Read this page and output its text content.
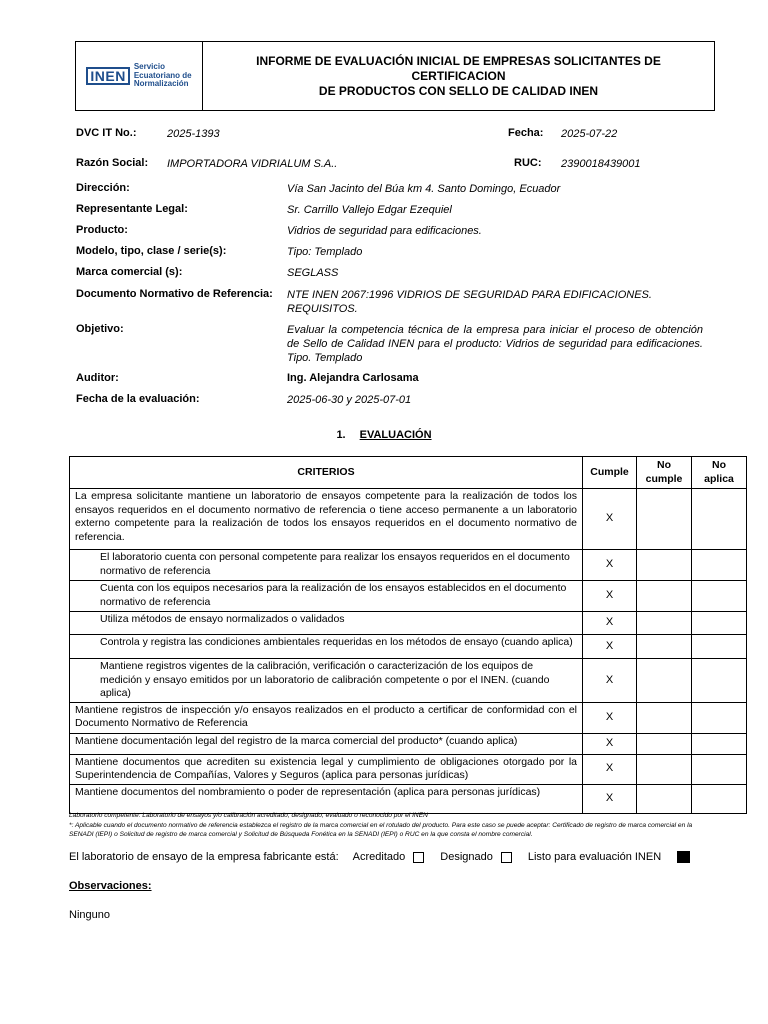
INEN
Servicio
Ecuatoriano de
Normalización
INFORME DE EVALUACIÓN INICIAL DE EMPRESAS SOLICITANTES DE CERTIFICACION
DE PRODUCTOS CON SELLO DE CALIDAD INEN
DVC IT No.:	2025-1393	Fecha: 2025-07-22
Razón Social: IMPORTADORA VIDRIALUM S.A..	RUC: 2390018439001
Dirección:	Vía San Jacinto del Búa km 4. Santo Domingo, Ecuador
Representante Legal:	Sr. Carrillo Vallejo Edgar Ezequiel
Producto:	Vidrios de seguridad para edificaciones.
Modelo, tipo, clase / serie(s):	Tipo: Templado
Marca comercial (s):	SEGLASS
Documento Normativo de Referencia: NTE INEN 2067:1996 VIDRIOS DE SEGURIDAD PARA EDIFICACIONES.
REQUISITOS.
Objetivo:	Evaluar la competencia técnica de la empresa para iniciar el proceso de obtención de Sello de Calidad INEN para el producto: Vidrios de seguridad para edificaciones. Tipo. Templado
Auditor:	Ing. Alejandra Carlosama
Fecha de la evaluación:	2025-06-30 y 2025-07-01
1. EVALUACIÓN
CRITERIOS	Cumple	No cumple	No aplica
La empresa solicitante mantiene un laboratorio de ensayos competente para la realización de todos los ensayos requeridos en el documento normativo de referencia o tiene acceso permanente a un laboratorio externo competente para la realización de todos los ensayos requeridos en el documento normativo de referencia.	X		
El laboratorio cuenta con personal competente para realizar los ensayos requeridos en el documento normativo de referencia	X		
Cuenta con los equipos necesarios para la realización de los ensayos establecidos en el documento normativo de referencia	X		
Utiliza métodos de ensayo normalizados o validados	X		
Controla y registra las condiciones ambientales requeridas en los métodos de ensayo (cuando aplica)	X		
Mantiene registros vigentes de la calibración, verificación o caracterización de los equipos de medición y ensayo emitidos por un laboratorio de calibración competente o por el INEN. (cuando aplica)	X		
Mantiene registros de inspección y/o ensayos realizados en el producto a certificar de conformidad con el Documento Normativo de Referencia	X		
Mantiene documentación legal del registro de la marca comercial del producto* (cuando aplica)	X		
Mantiene documentos que acrediten su existencia legal y cumplimiento de obligaciones otorgado por la Superintendencia de Compañías, Valores y Seguros (aplica para personas jurídicas)	X		
Mantiene documentos del nombramiento o poder de representación (aplica para personas jurídicas)	X		
Laboratorio competente: Laboratorio de ensayos y/o calibración acreditado, designado, evaluado o reconocido por el INEN
*: Aplicable cuando el documento normativo de referencia establezca el registro de la marca comercial en el rotulado del producto. Para este caso se puede aceptar: Certificado de registro de marca comercial en la SENADI (IEPI) o Solicitud de registro de marca comercial y Solicitud de Búsqueda Fonética en la SENADI (IEPI) o RUC en la que consta el nombre comercial.
El laboratorio de ensayo de la empresa fabricante está: Acreditado	Designado	Listo para evaluación INEN
Observaciones:
Ninguno
